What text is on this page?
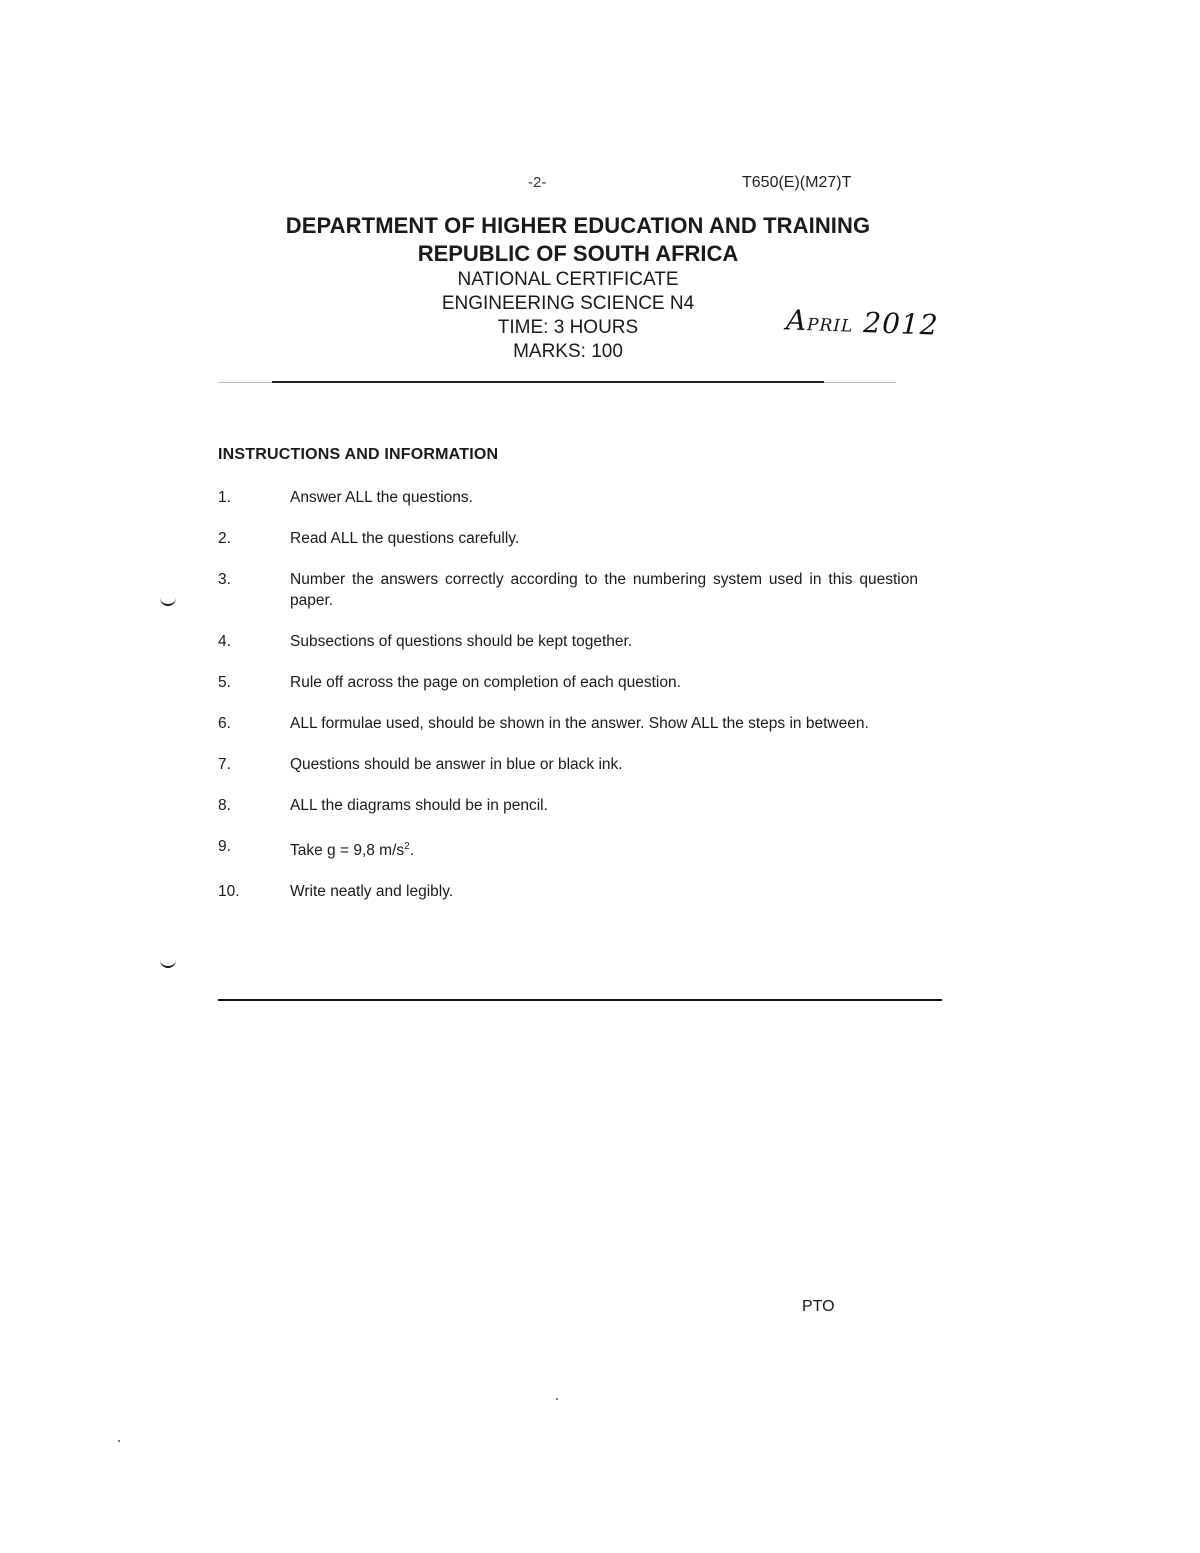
-2-	T650(E)(M27)T
DEPARTMENT OF HIGHER EDUCATION AND TRAINING
REPUBLIC OF SOUTH AFRICA
NATIONAL CERTIFICATE
ENGINEERING SCIENCE N4
TIME: 3 HOURS
MARKS: 100
APRIL 2012
INSTRUCTIONS AND INFORMATION
1.	Answer ALL the questions.
2.	Read ALL the questions carefully.
3.	Number the answers correctly according to the numbering system used in this question paper.
4.	Subsections of questions should be kept together.
5.	Rule off across the page on completion of each question.
6.	ALL formulae used, should be shown in the answer. Show ALL the steps in between.
7.	Questions should be answer in blue or black ink.
8.	ALL the diagrams should be in pencil.
9.	Take g = 9,8 $m/s^2$.
10.	Write neatly and legibly.
PTO
